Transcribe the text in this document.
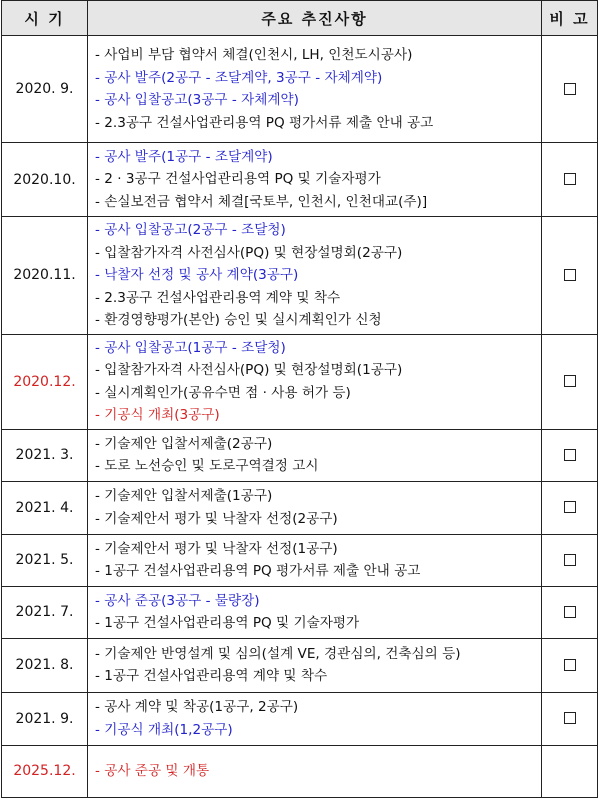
시 기	주요 추진사항	비 고
2020. 9.	- 사업비 부담 협약서 체결(인천시, LH, 인천도시공사)
- 공사 발주(2공구 - 조달계약, 3공구 - 자체계약)
- 공사 입찰공고(3공구 - 자체계약)
- 2.3공구 건설사업관리용역 PQ 평가서류 제출 안내 공고	

2020.10.	- 공사 발주(1공구 - 조달계약)
- 2 · 3공구 건설사업관리용역 PQ 및 기술자평가
- 손실보전금 협약서 체결[국토부, 인천시, 인천대교(주)]	

2020.11.	- 공사 입찰공고(2공구 - 조달청)
- 입찰참가자격 사전심사(PQ) 및 현장설명회(2공구)
- 낙찰자 선정 및 공사 계약(3공구)
- 2.3공구 건설사업관리용역 계약 및 착수
- 환경영향평가(본안) 승인 및 실시계획인가 신청	

2020.12.	- 공사 입찰공고(1공구 - 조달청)
- 입찰참가자격 사전심사(PQ) 및 현장설명회(1공구)
- 실시계획인가(공유수면 점 · 사용 허가 등)
- 기공식 개최(3공구)	

2021. 3.	- 기술제안 입찰서제출(2공구)
- 도로 노선승인 및 도로구역결정 고시	

2021. 4.	- 기술제안 입찰서제출(1공구)
- 기술제안서 평가 및 낙찰자 선정(2공구)	

2021. 5.	- 기술제안서 평가 및 낙찰자 선정(1공구)
- 1공구 건설사업관리용역 PQ 평가서류 제출 안내 공고	

2021. 7.	- 공사 준공(3공구 - 물량장)
- 1공구 건설사업관리용역 PQ 및 기술자평가	

2021. 8.	- 기술제안 반영설계 및 심의(설계 VE, 경관심의, 건축심의 등)
- 1공구 건설사업관리용역 계약 및 착수	

2021. 9.	- 공사 계약 및 착공(1공구, 2공구)
- 기공식 개최(1,2공구)	

2025.12.	- 공사 준공 및 개통	
